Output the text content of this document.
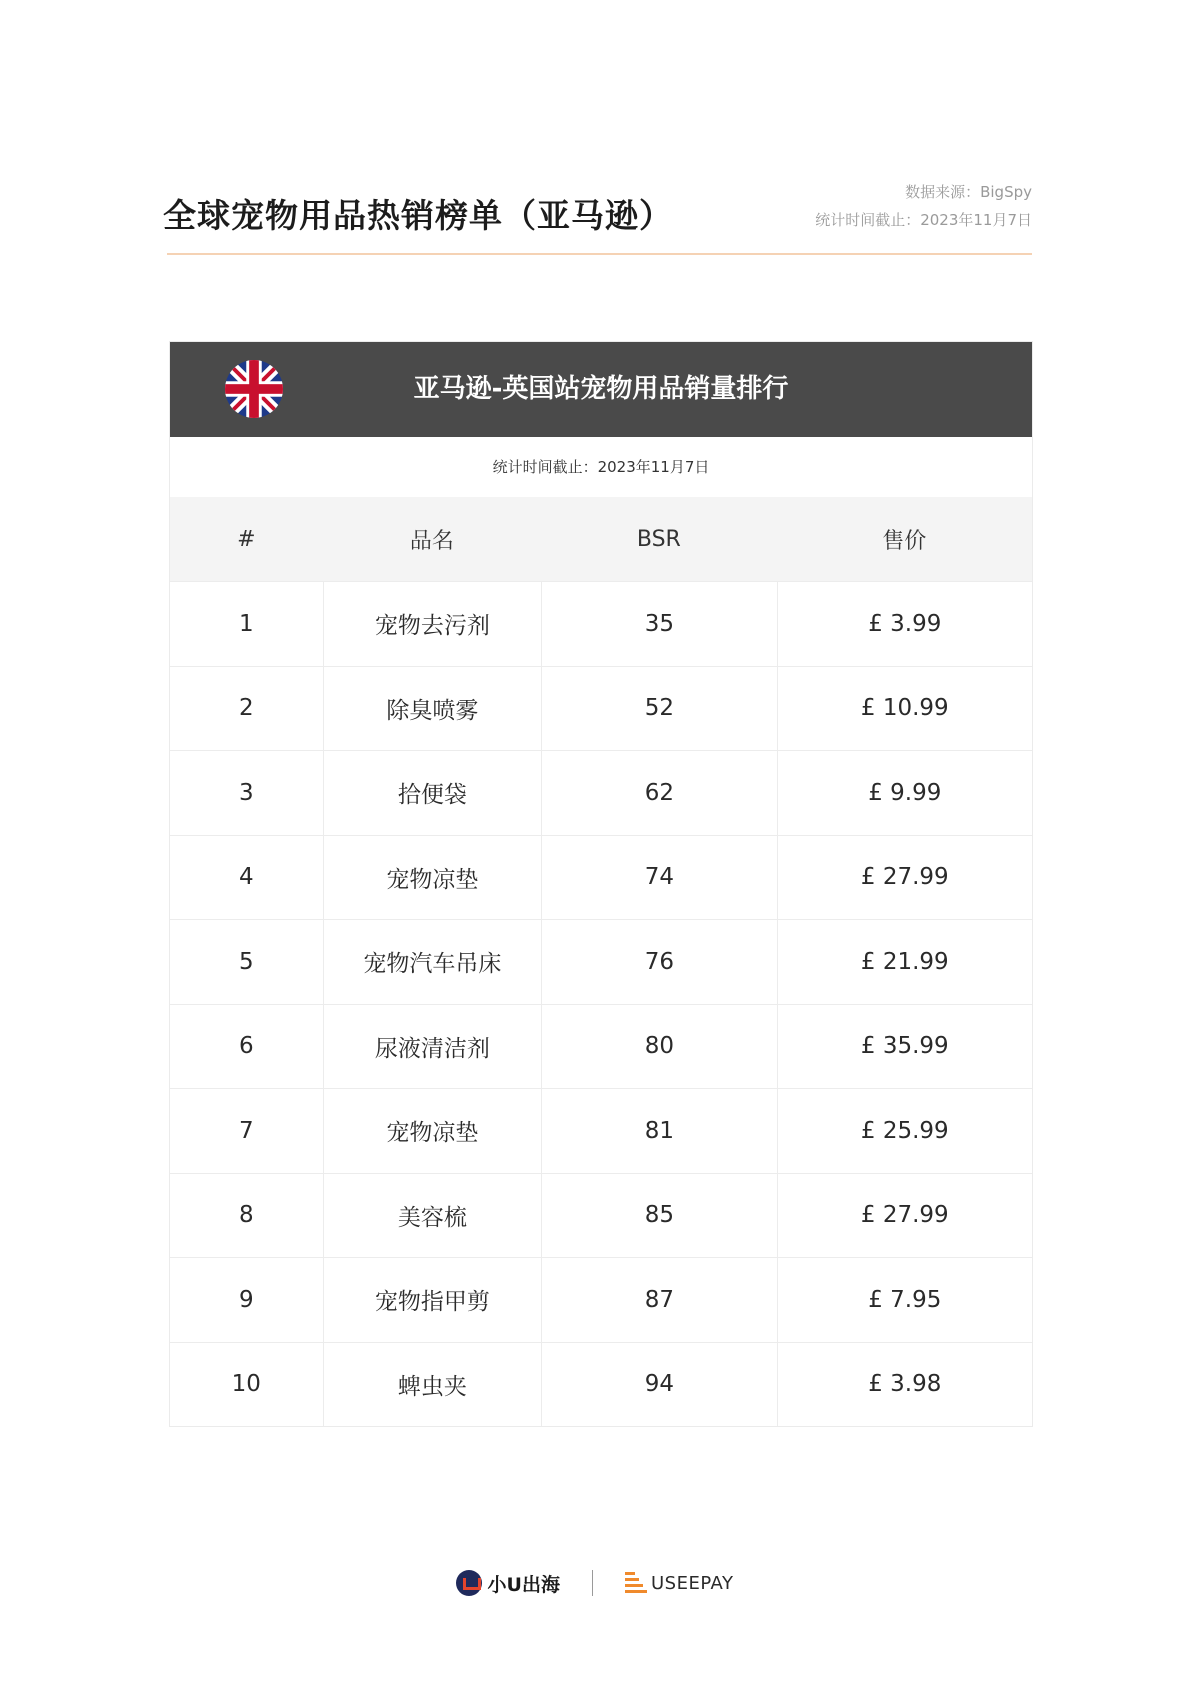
全球宠物用品热销榜单（亚马逊）
数据来源：BigSpy
统计时间截止：2023年11月7日
亚马逊-英国站宠物用品销量排行
统计时间截止：2023年11月7日
#	品名	BSR	售价
1	宠物去污剂	35	£ 3.99
2	除臭喷雾	52	£ 10.99
3	拾便袋	62	£ 9.99
4	宠物凉垫	74	£ 27.99
5	宠物汽车吊床	76	£ 21.99
6	尿液清洁剂	80	£ 35.99
7	宠物凉垫	81	£ 25.99
8	美容梳	85	£ 27.99
9	宠物指甲剪	87	£ 7.95
10	蜱虫夹	94	£ 3.98
小U出海	USEEPAY
